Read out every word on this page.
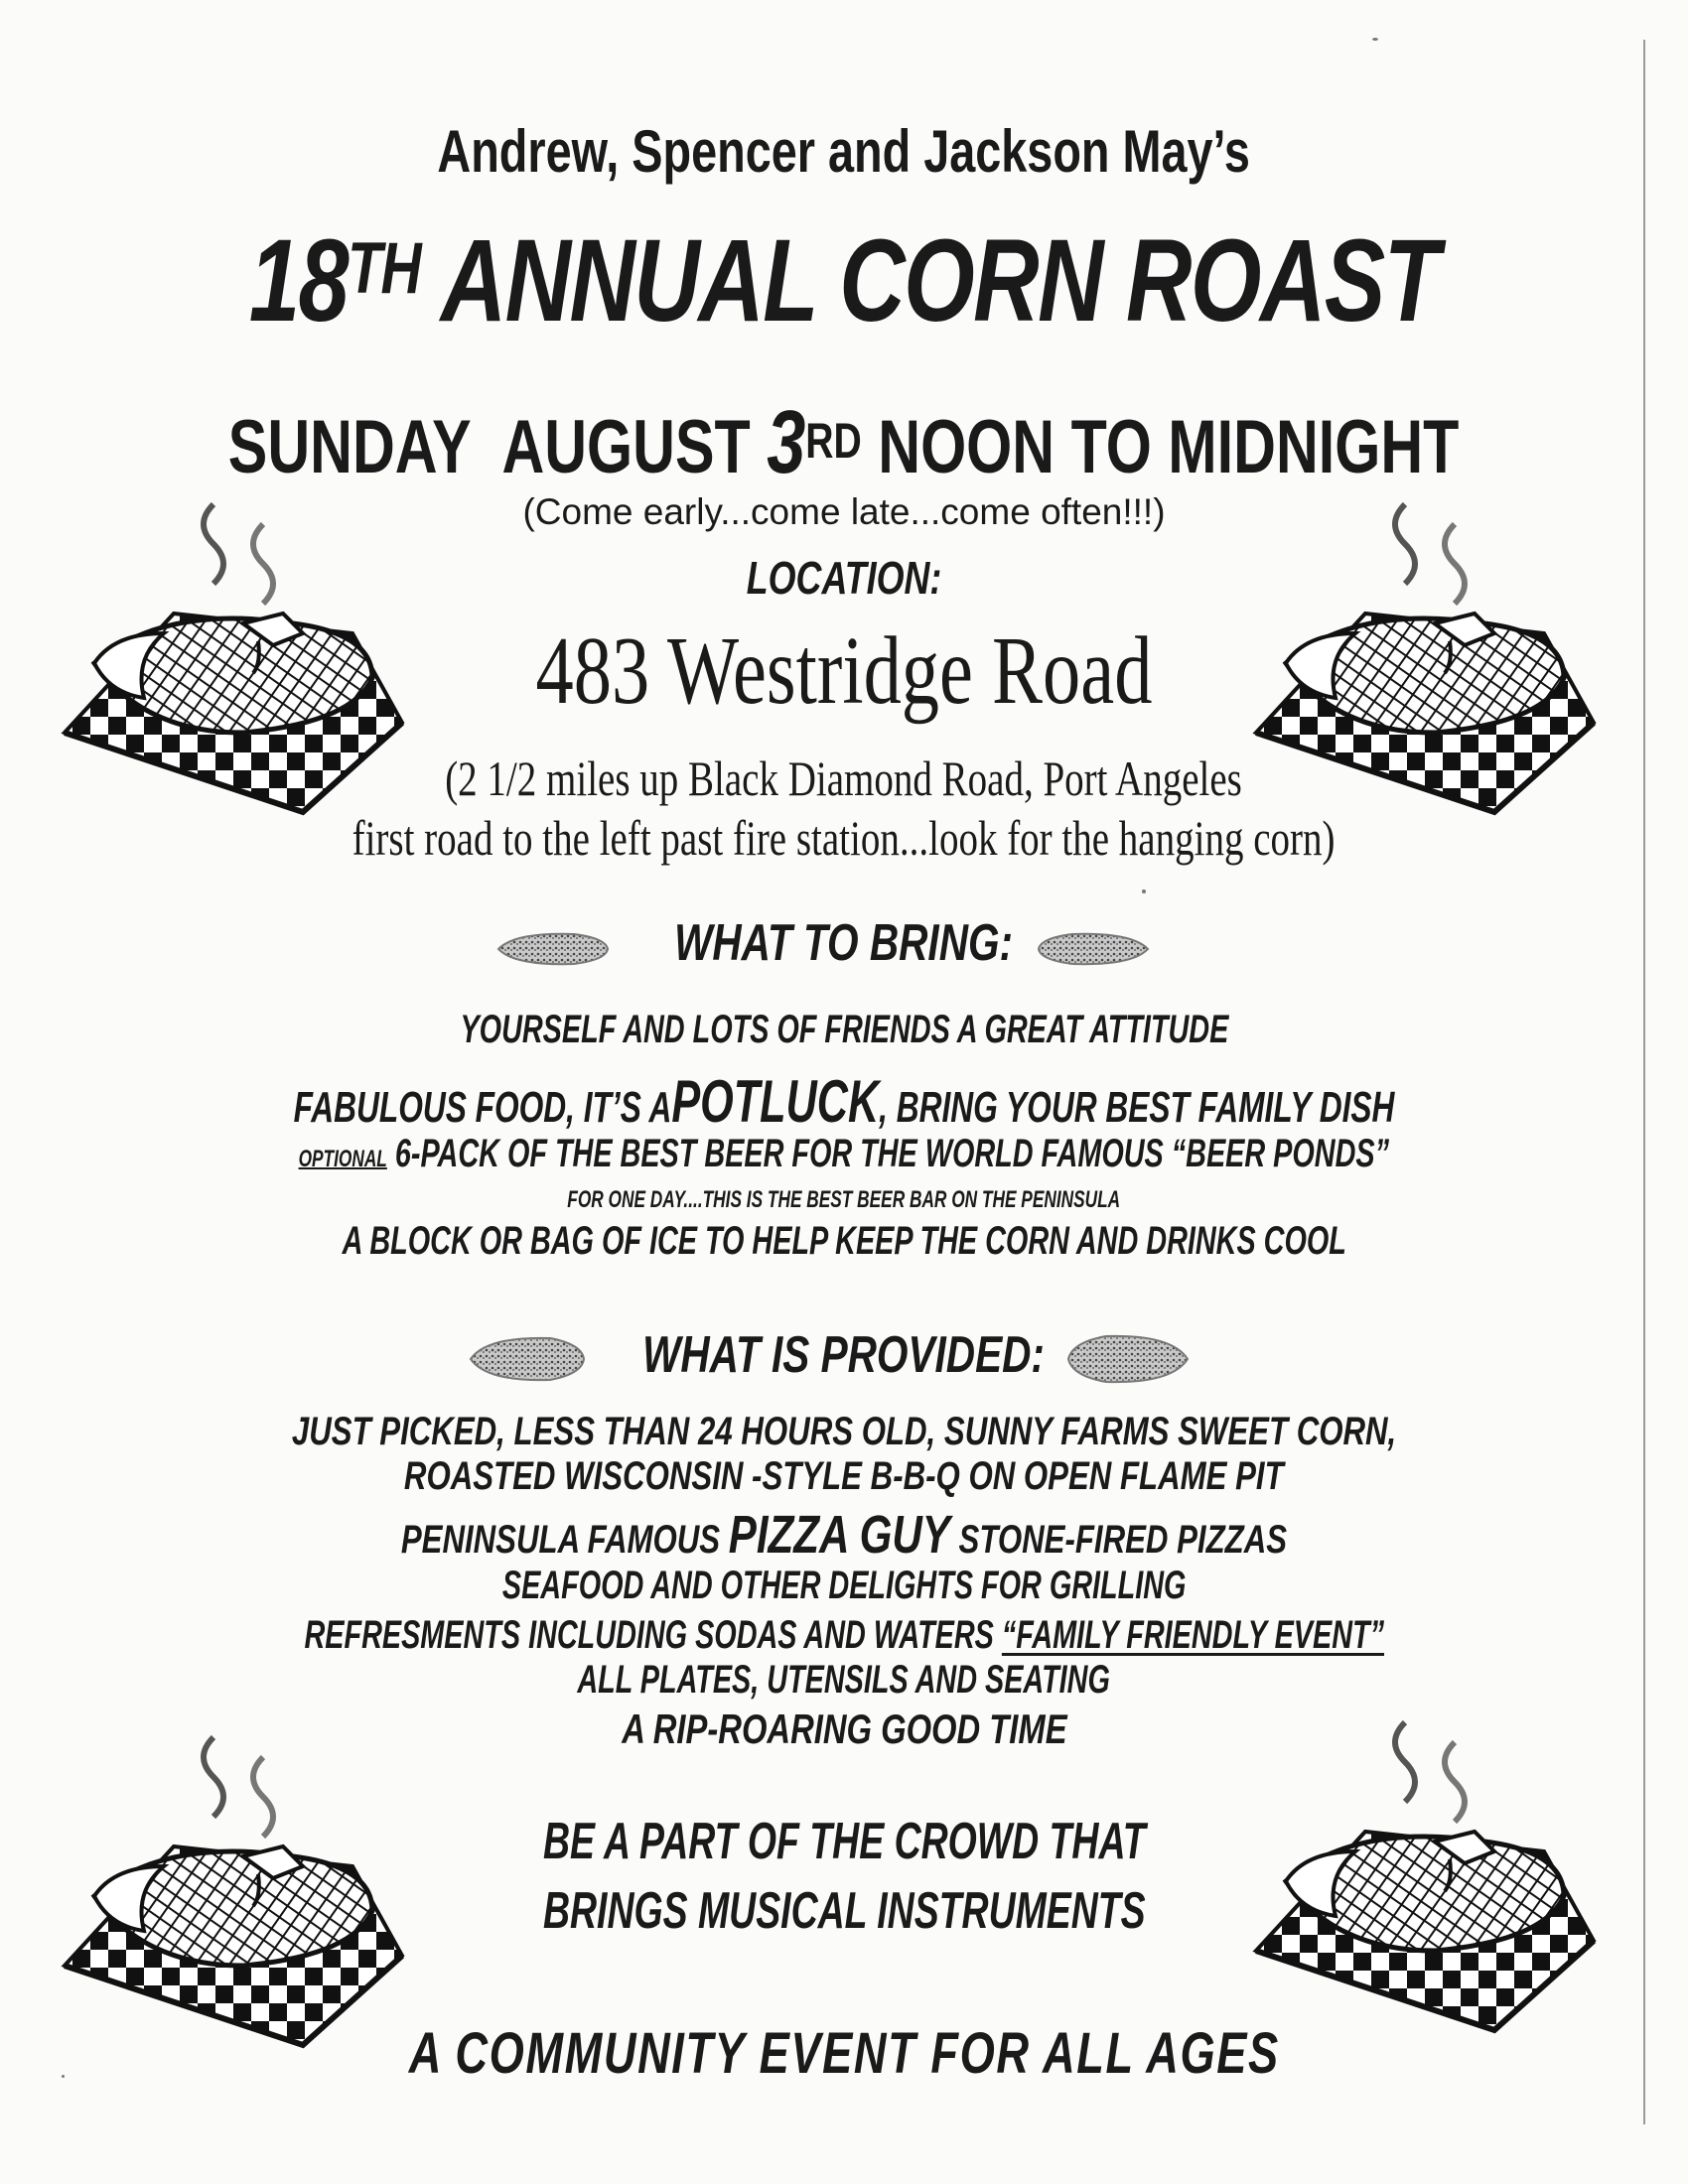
Andrew, Spencer and Jackson May’s
18TH ANNUAL CORN ROAST
SUNDAY AUGUST 3RD NOON TO MIDNIGHT
(Come early...come late...come often!!!)
LOCATION:
483 Westridge Road
(2 1/2 miles up Black Diamond Road, Port Angeles
first road to the left past fire station...look for the hanging corn)
WHAT TO BRING:
YOURSELF AND LOTS OF FRIENDS A GREAT ATTITUDE
FABULOUS FOOD, IT’S APOTLUCK, BRING YOUR BEST FAMILY DISH
OPTIONAL 6-PACK OF THE BEST BEER FOR THE WORLD FAMOUS “BEER PONDS”
FOR ONE DAY....THIS IS THE BEST BEER BAR ON THE PENINSULA
A BLOCK OR BAG OF ICE TO HELP KEEP THE CORN AND DRINKS COOL
WHAT IS PROVIDED:
JUST PICKED, LESS THAN 24 HOURS OLD, SUNNY FARMS SWEET CORN,
ROASTED WISCONSIN -STYLE B-B-Q ON OPEN FLAME PIT
PENINSULA FAMOUS PIZZA GUY STONE-FIRED PIZZAS
SEAFOOD AND OTHER DELIGHTS FOR GRILLING
REFRESMENTS INCLUDING SODAS AND WATERS “FAMILY FRIENDLY EVENT”
ALL PLATES, UTENSILS AND SEATING
A RIP-ROARING GOOD TIME
BE A PART OF THE CROWD THAT
BRINGS MUSICAL INSTRUMENTS
A COMMUNITY EVENT FOR ALL AGES
